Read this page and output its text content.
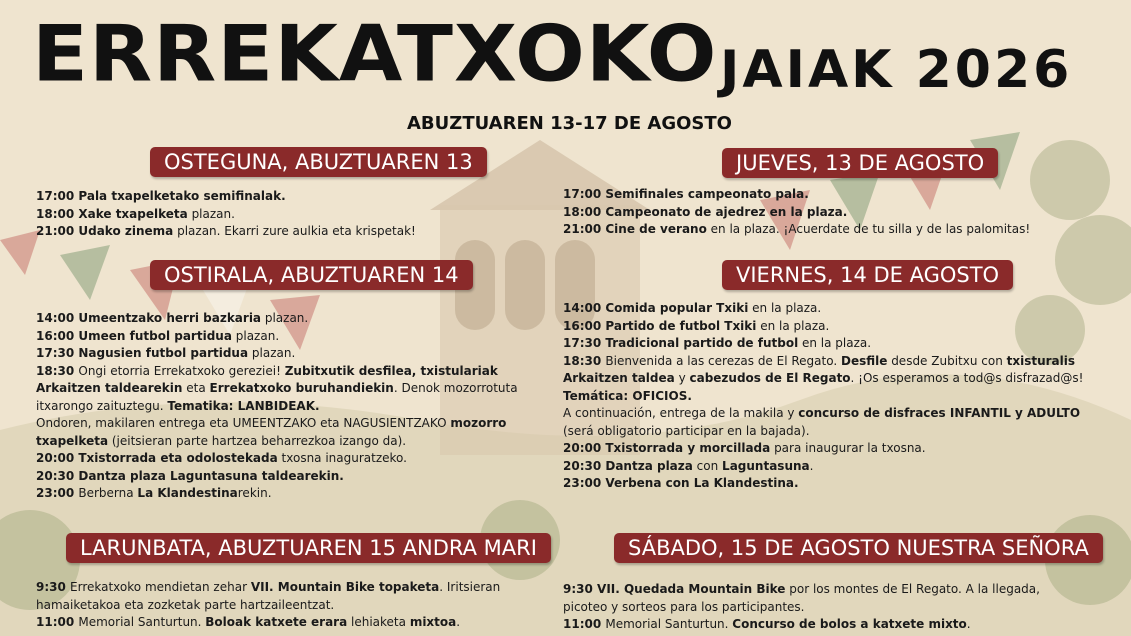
ERREKATXOKO JAIAK 2026
ABUZTUAREN 13-17 DE AGOSTO
OSTEGUNA, ABUZTUAREN 13
17:00 Pala txapelketako semifinalak.
18:00 Xake txapelketa plazan.
21:00 Udako zinema plazan. Ekarri zure aulkia eta krispetak!
OSTIRALA, ABUZTUAREN 14
14:00 Umeentzako herri bazkaria plazan.
16:00 Umeen futbol partidua plazan.
17:30 Nagusien futbol partidua plazan.
18:30 Ongi etorria Errekatxoko gereziei! Zubitxutik desfilea, txistulariak
Arkaitzen taldearekin eta Errekatxoko buruhandiekin. Denok mozorrotuta
itxarongo zaituztegu. Tematika: LANBIDEAK.
Ondoren, makilaren entrega eta UMEENTZAKO eta NAGUSIENTZAKO mozorro
txapelketa (jeitsieran parte hartzea beharrezkoa izango da).
20:00 Txistorrada eta odolostekada txosna inaguratzeko.
20:30 Dantza plaza Laguntasuna taldearekin.
23:00 Berberna La Klandestinarekin.
LARUNBATA, ABUZTUAREN 15 ANDRA MARI
9:30 Errekatxoko mendietan zehar VII. Mountain Bike topaketa. Iritsieran
hamaiketakoa eta zozketak parte hartzaileentzat.
11:00 Memorial Santurtun. Boloak katxete erara lehiaketa mixtoa.
JUEVES, 13 DE AGOSTO
17:00 Semifinales campeonato pala.
18:00 Campeonato de ajedrez en la plaza.
21:00 Cine de verano en la plaza. ¡Acuerdate de tu silla y de las palomitas!
VIERNES, 14 DE AGOSTO
14:00 Comida popular Txiki en la plaza.
16:00 Partido de futbol Txiki en la plaza.
17:30 Tradicional partido de futbol en la plaza.
18:30 Bienvenida a las cerezas de El Regato. Desfile desde Zubitxu con txisturalis
Arkaitzen taldea y cabezudos de El Regato. ¡Os esperamos a tod@s disfrazad@s!
Temática: OFICIOS.
A continuación, entrega de la makila y concurso de disfraces INFANTIL y ADULTO
(será obligatorio participar en la bajada).
20:00 Txistorrada y morcillada para inaugurar la txosna.
20:30 Dantza plaza con Laguntasuna.
23:00 Verbena con La Klandestina.
SÁBADO, 15 DE AGOSTO NUESTRA SEÑORA
9:30 VII. Quedada Mountain Bike por los montes de El Regato. A la llegada,
picoteo y sorteos para los participantes.
11:00 Memorial Santurtun. Concurso de bolos a katxete mixto.
